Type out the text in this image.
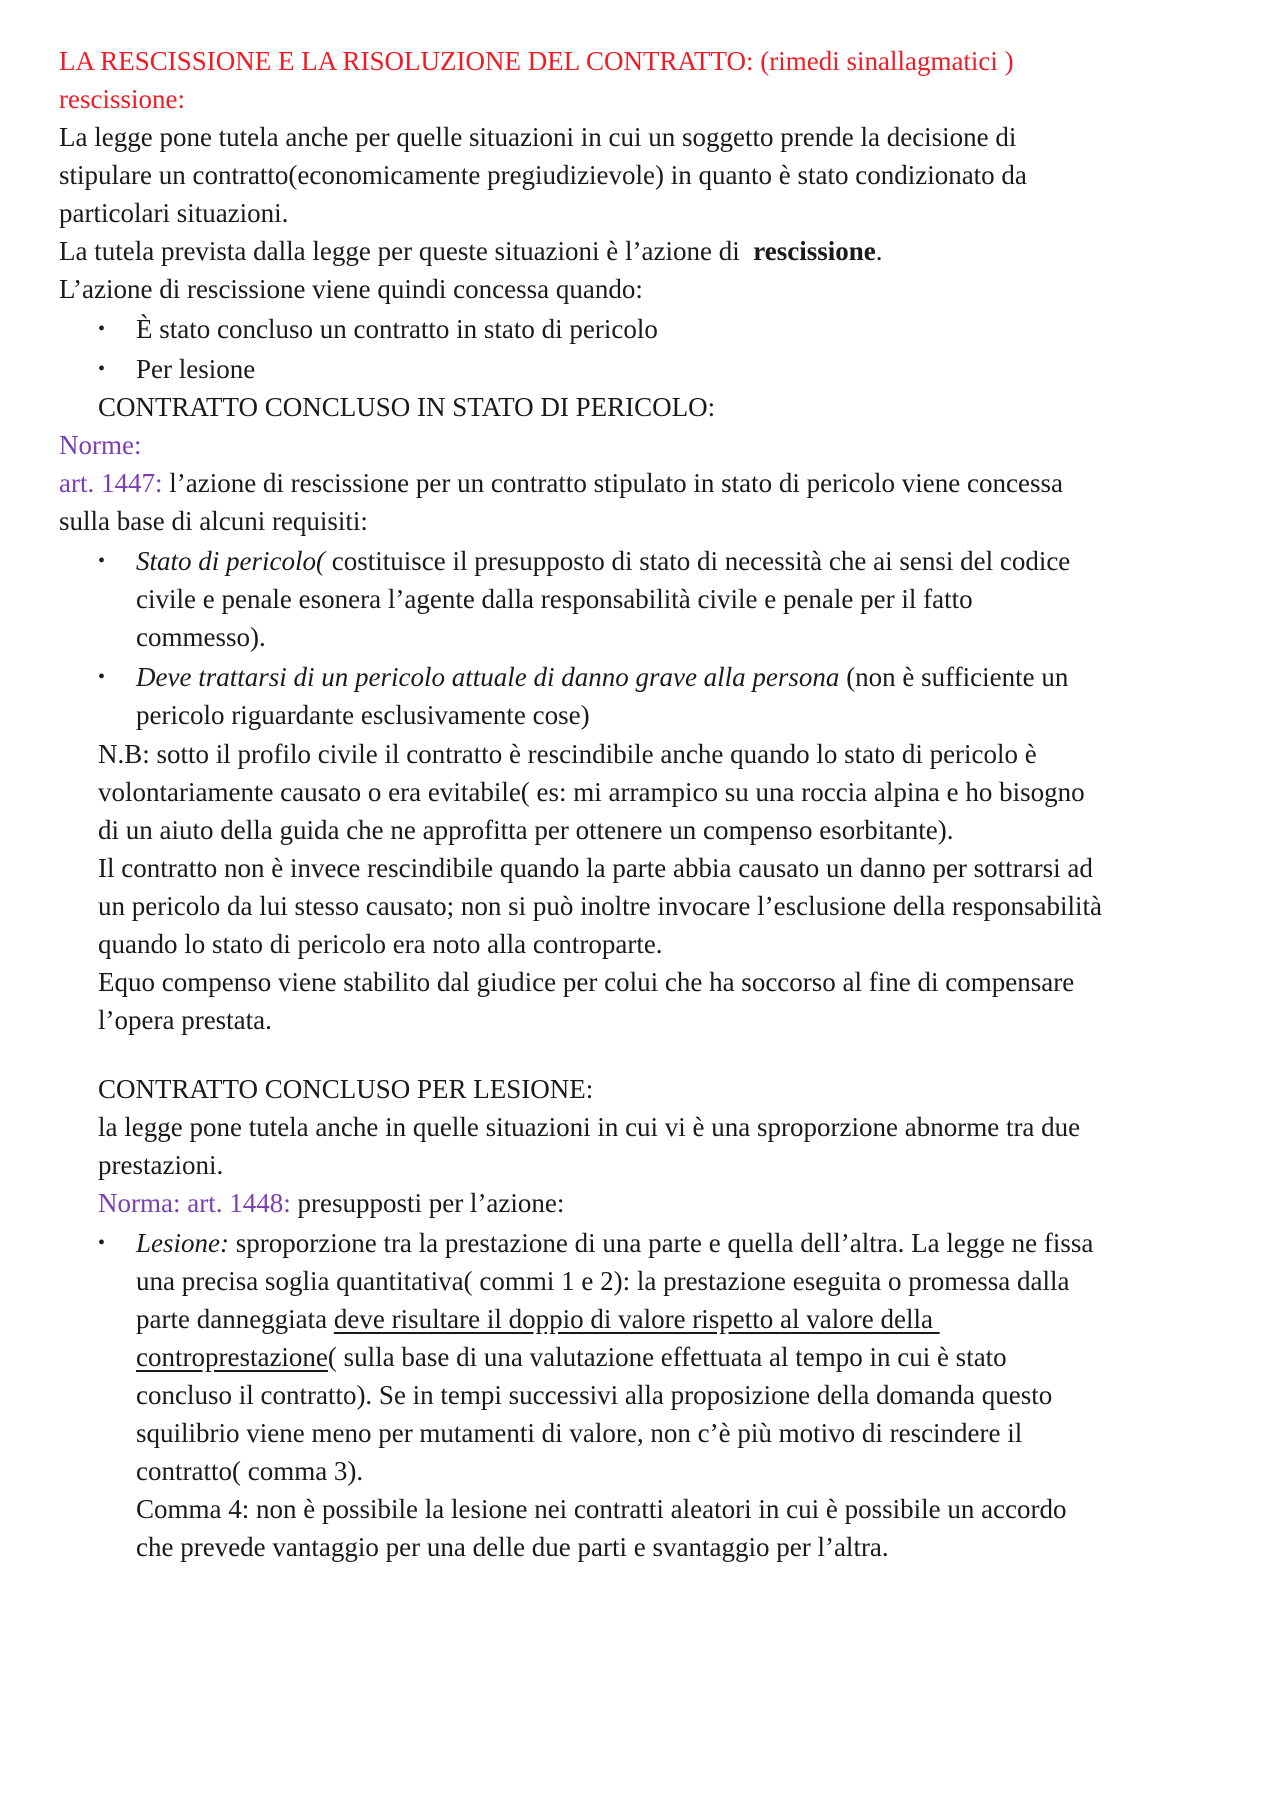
LA RESCISSIONE E LA RISOLUZIONE DEL CONTRATTO: (rimedi sinallagmatici )
rescissione:
La legge pone tutela anche per quelle situazioni in cui un soggetto prende la decisione di
stipulare un contratto(economicamente pregiudizievole) in quanto è stato condizionato da
particolari situazioni.
La tutela prevista dalla legge per queste situazioni è l’azione di  rescissione.
L’azione di rescissione viene quindi concessa quando:
• È stato concluso un contratto in stato di pericolo
• Per lesione
CONTRATTO CONCLUSO IN STATO DI PERICOLO:
Norme:
art. 1447: l’azione di rescissione per un contratto stipulato in stato di pericolo viene concessa
sulla base di alcuni requisiti:
• Stato di pericolo( costituisce il presupposto di stato di necessità che ai sensi del codice
civile e penale esonera l’agente dalla responsabilità civile e penale per il fatto
commesso).
• Deve trattarsi di un pericolo attuale di danno grave alla persona (non è sufficiente un
pericolo riguardante esclusivamente cose)
N.B: sotto il profilo civile il contratto è rescindibile anche quando lo stato di pericolo è
volontariamente causato o era evitabile( es: mi arrampico su una roccia alpina e ho bisogno
di un aiuto della guida che ne approfitta per ottenere un compenso esorbitante).
Il contratto non è invece rescindibile quando la parte abbia causato un danno per sottrarsi ad
un pericolo da lui stesso causato; non si può inoltre invocare l’esclusione della responsabilità
quando lo stato di pericolo era noto alla controparte.
Equo compenso viene stabilito dal giudice per colui che ha soccorso al fine di compensare
l’opera prestata.
CONTRATTO CONCLUSO PER LESIONE:
la legge pone tutela anche in quelle situazioni in cui vi è una sproporzione abnorme tra due
prestazioni.
Norma: art. 1448: presupposti per l’azione:
• Lesione: sproporzione tra la prestazione di una parte e quella dell’altra. La legge ne fissa
una precisa soglia quantitativa( commi 1 e 2): la prestazione eseguita o promessa dalla
parte danneggiata deve risultare il doppio di valore rispetto al valore della
controprestazione( sulla base di una valutazione effettuata al tempo in cui è stato
concluso il contratto). Se in tempi successivi alla proposizione della domanda questo
squilibrio viene meno per mutamenti di valore, non c’è più motivo di rescindere il
contratto( comma 3).
Comma 4: non è possibile la lesione nei contratti aleatori in cui è possibile un accordo
che prevede vantaggio per una delle due parti e svantaggio per l’altra.
